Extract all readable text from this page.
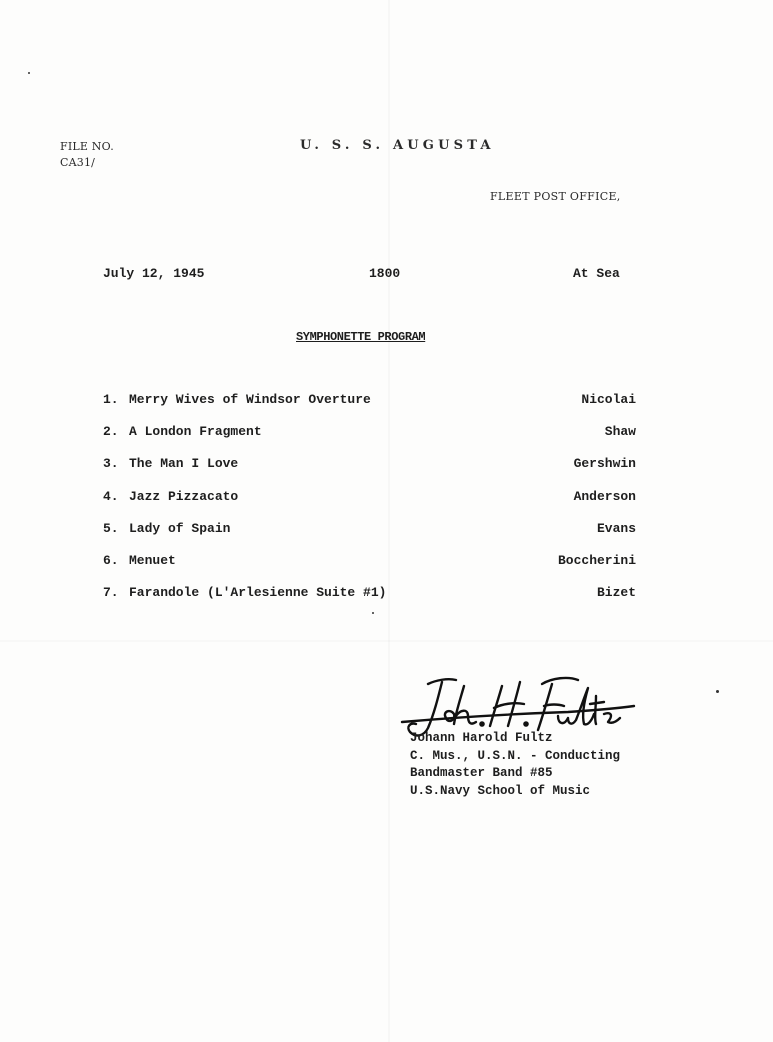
FILE NO.
CA31/
U. S. S. AUGUSTA
FLEET POST OFFICE,
July 12, 1945	1800	At Sea
SYMPHONETTE PROGRAM
1. Merry Wives of Windsor Overture	Nicolai
2. A London Fragment	Shaw
3. The Man I Love	Gershwin
4. Jazz Pizzacato	Anderson
5. Lady of Spain	Evans
6. Menuet	Boccherini
7. Farandole (L'Arlesienne Suite #1)	Bizet
Johann Harold Fultz
C. Mus., U.S.N. - Conducting
Bandmaster Band #85
U.S.Navy School of Music
